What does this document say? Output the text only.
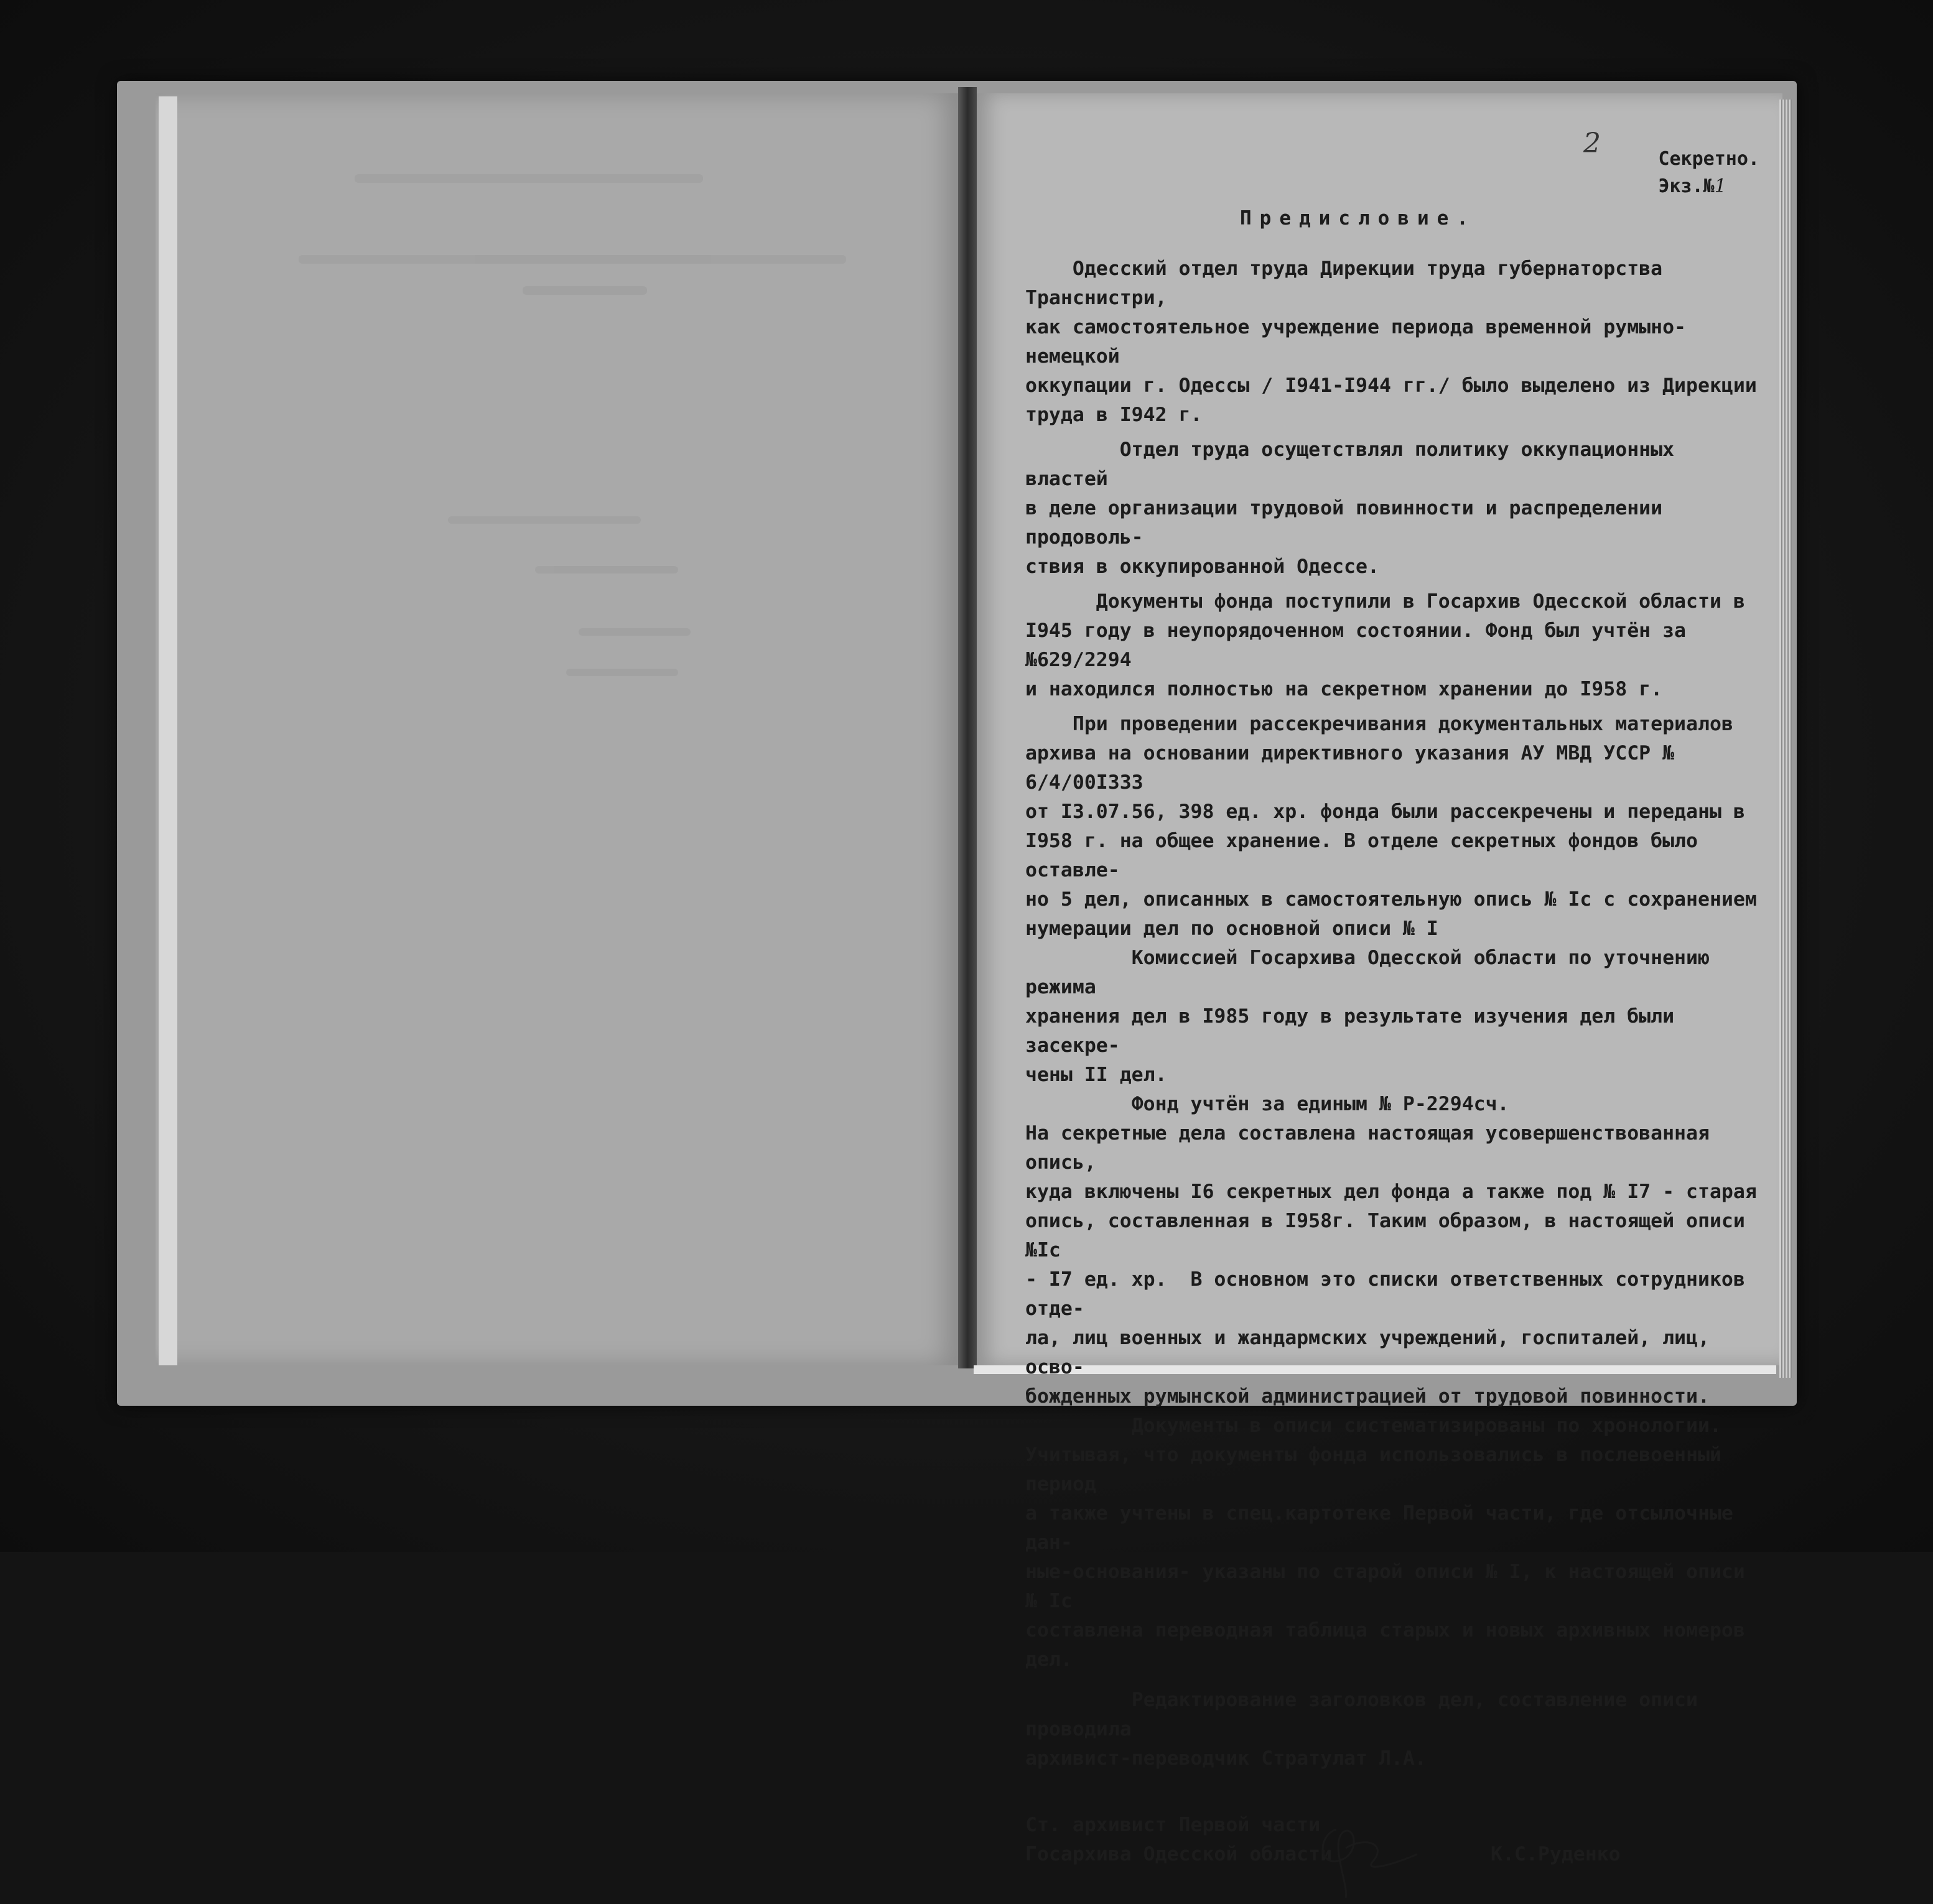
2	Секретно.
Экз.№1
Предисловие.
Одесский отдел труда Дирекции труда губернаторства Транснистри,
как самостоятельное учреждение периода временной румыно-немецкой
оккупации г. Одессы / I941-I944 гг./ было выделено из Дирекции
труда в I942 г.
Отдел труда осущетствлял политику оккупационных властей
в деле организации трудовой повинности и распределении продоволь-
ствия в оккупированной Одессе.
Документы фонда поступили в Госархив Одесской области в
I945 году в неупорядоченном состоянии. Фонд был учтён за №629/2294
и находился полностью на секретном хранении до I958 г.
При проведении рассекречивания документальных материалов
архива на основании директивного указания АУ МВД УССР № 6/4/00I333
от I3.07.56, 398 ед. хр. фонда были рассекречены и переданы в
I958 г. на общее хранение. В отделе секретных фондов было оставле-
но 5 дел, описанных в самостоятельную опись № Iс с сохранением
нумерации дел по основной описи № I
Комиссией Госархива Одесской области по уточнению режима
хранения дел в I985 году в результате изучения дел были засекре-
чены II дел.
Фонд учтён за единым № Р-2294сч.
На секретные дела составлена настоящая усовершенствованная опись,
куда включены I6 секретных дел фонда а также под № I7 - старая
опись, составленная в I958г. Таким образом, в настоящей описи №Iс
- I7 ед. хр.  В основном это списки ответственных сотрудников отде-
ла, лиц военных и жандармских учреждений, госпиталей, лиц, осво-
божденных румынской администрацией от трудовой повинности.
Документы в описи систематизированы по хронологии.
Учитывая, что документы фонда использовались в послевоенный период
а также учтены в спец.картотеке Первой части, где отсылочные дан-
ные-основания- указаны по старой описи № I, к настоящей описи № Iс
составлена переводная таблица старых и новых архивных номеров дел.
Редактирование заголовков дел, составление описи проводила
архивист-переводчик Стратулат Л.А.
Ст. архивист Первой части
Госархива Одесской области	К.С.Руденко
